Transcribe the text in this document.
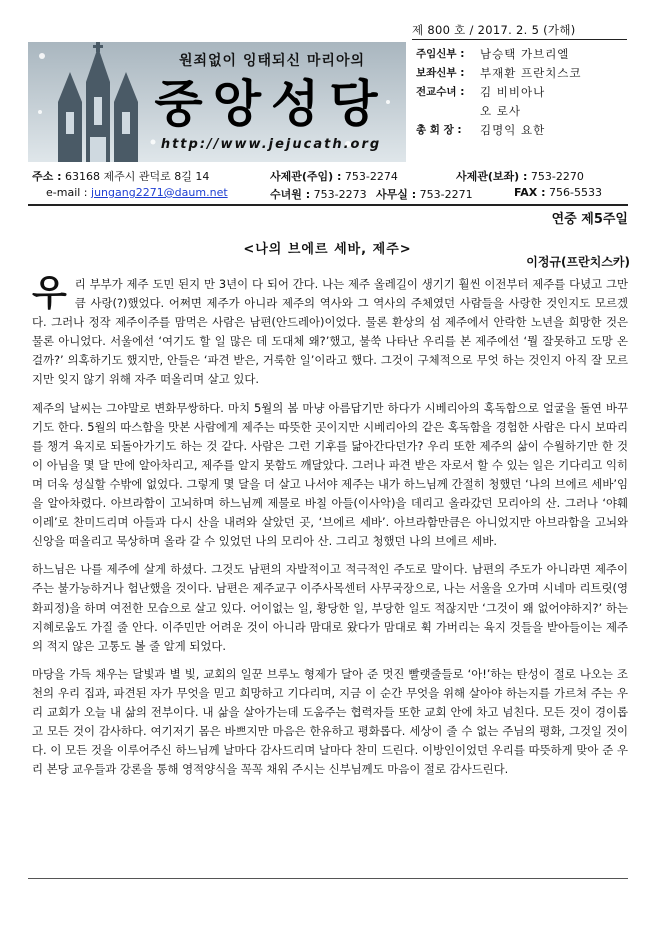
제 800 호 / 2017. 2. 5 (가해)
원죄없이 잉태되신 마리아의
중앙성당
http://www.jejucath.org
주임신부 :	남승택 가브리엘
보좌신부 :	부재환 프란치스코
전교수녀 :	김 비비아나
오 로사
총 회 장 :	김명익 요한
주소 : 63168 제주시 관덕로 8길 14	사제관(주임) : 753-2274	사제관(보좌) : 753-2270
e-mail : jungang2271@daum.net	수녀원 : 753-2273 사무실 : 753-2271	FAX : 756-5533
연중 제5주일
<나의 브에르 세바, 제주>
이정규(프란치스카)

우리 부부가 제주 도민 된지 만 3년이 다 되어 간다. 나는 제주 올레길이 생기기 훨씬 이전부터 제주를 다녔고 그만큼 사랑(?)했었다. 어쩌면 제주가 아니라 제주의 역사와 그 역사의 주체였던 사람들을 사랑한 것인지도 모르겠다. 그러나 정작 제주이주를 맘먹은 사람은 남편(안드레아)이었다. 물론 환상의 섬 제주에서 안락한 노년을 희망한 것은 물론 아니었다. 서울에선 ‘여기도 할 일 많은 데 도대체 왜?’했고, 불쑥 나타난 우리를 본 제주에선 ‘뭘 잘못하고 도망 온 걸까?’ 의혹하기도 했지만, 안들은 ‘파견 받은, 거룩한 일’이라고 했다. 그것이 구체적으로 무엇 하는 것인지 아직 잘 모르지만 잊지 않기 위해 자주 떠올리며 살고 있다.

제주의 날씨는 그야말로 변화무쌍하다. 마치 5월의 봄 마냥 아름답기만 하다가 시베리아의 혹독함으로 얼굴을 돌연 바꾸기도 한다. 5월의 따스함을 맛본 사람에게 제주는 따뜻한 곳이지만 시베리아의 같은 혹독함을 경험한 사람은 다시 보따리를 챙겨 육지로 되돌아가기도 하는 것 같다. 사람은 그런 기후를 닮아간다던가? 우리 또한 제주의 삶이 수월하기만 한 것이 아님을 몇 달 만에 알아차리고, 제주를 알지 못함도 깨달았다. 그러나 파견 받은 자로서 할 수 있는 일은 기다리고 익히며 더욱 성실할 수밖에 없었다. 그렇게 몇 달을 더 살고 나서야 제주는 내가 하느님께 간절히 청했던 ‘나의 브에르 세바’임을 알아차렸다. 아브라함이 고뇌하며 하느님께 제물로 바칠 아들(이사악)을 데리고 올라갔던 모리아의 산. 그러나 ‘야훼 이레’로 찬미드리며 아들과 다시 산을 내려와 살았던 곳, ‘브에르 세바’. 아브라함만큼은 아니었지만 아브라함을 고뇌와 신앙을 떠올리고 묵상하며 올라 갈 수 있었던 나의 모리아 산. 그리고 청했던 나의 브에르 세바.

하느님은 나를 제주에 살게 하셨다. 그것도 남편의 자발적이고 적극적인 주도로 말이다. 남편의 주도가 아니라면 제주이주는 불가능하거나 험난했을 것이다. 남편은 제주교구 이주사목센터 사무국장으로, 나는 서울을 오가며 시네마 리트릿(영화피정)을 하며 여전한 모습으로 살고 있다. 어이없는 일, 황당한 일, 부당한 일도 적잖지만 ‘그것이 왜 없어야하지?’ 하는 지혜로움도 가질 줄 안다. 이주민만 어려운 것이 아니라 맘대로 왔다가 맘대로 휙 가버리는 육지 것들을 받아들이는 제주의 적지 않은 고통도 볼 줄 알게 되었다.

마당을 가득 채우는 달빛과 별 빛, 교회의 일꾼 브루노 형제가 달아 준 멋진 빨랫줄들로 ‘아!’하는 탄성이 절로 나오는 조천의 우리 집과, 파견된 자가 무엇을 믿고 희망하고 기다리며, 지금 이 순간 무엇을 위해 살아야 하는지를 가르쳐 주는 우리 교회가 오늘 내 삶의 전부이다. 내 삶을 살아가는데 도움주는 협력자들 또한 교회 안에 차고 넘친다. 모든 것이 경이롭고 모든 것이 감사하다. 여기저기 몸은 바쁘지만 마음은 한유하고 평화롭다. 세상이 줄 수 없는 주님의 평화, 그것일 것이다. 이 모든 것을 이루어주신 하느님께 날마다 감사드리며 날마다 찬미 드린다. 이방인이었던 우리를 따뜻하게 맞아 준 우리 본당 교우들과 강론을 통해 영적양식을 꼭꼭 채워 주시는 신부님께도 마음이 절로 감사드린다.
